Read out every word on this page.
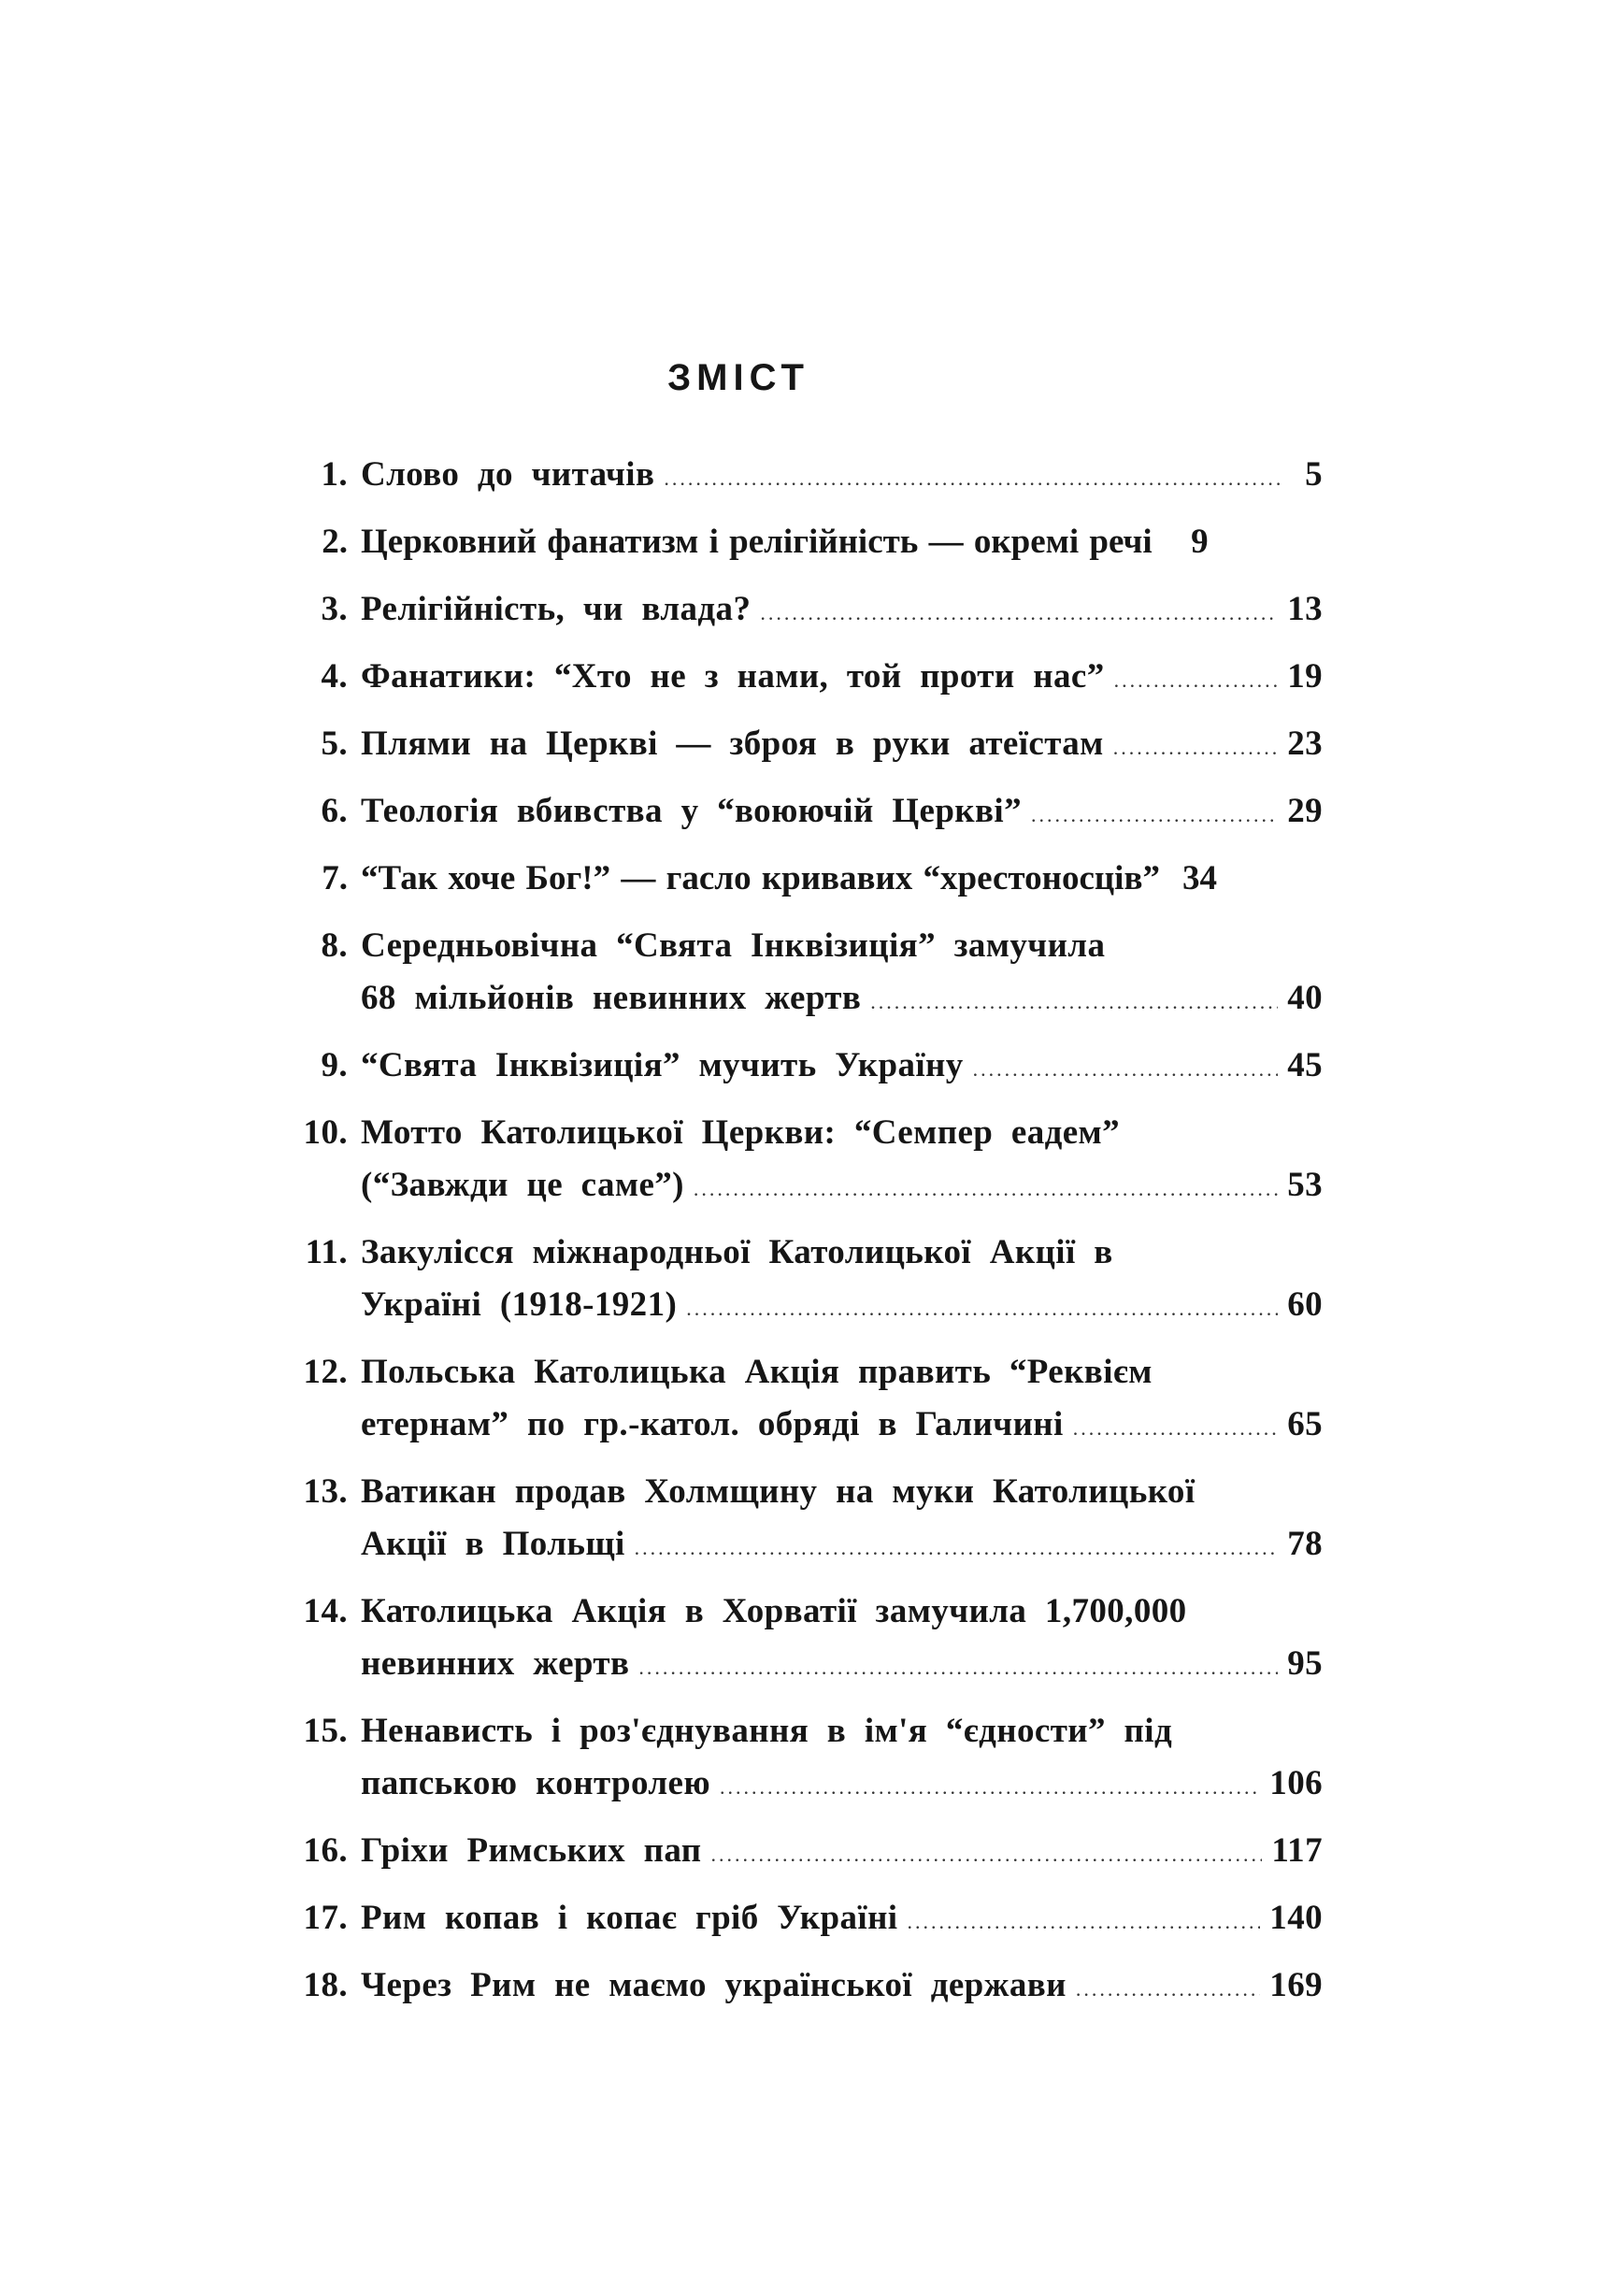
ЗМІСТ
1. Слово до читачів .....	5
2. Церковний фанатизм і релігійність — окремі речі	9
3. Релігійність, чи влада? .....	13
4. Фанатики: “Хто не з нами, той проти нас” .....	19
5. Плями на Церкві — зброя в руки атеїстам .....	23
6. Теологія вбивства у “воюючій Церкві” .....	29
7. “Так хоче Бог!” — гасло кривавих “хрестоносців” 34
8. Середньовічна “Свята Інквізиція” замучила
68 мільйонів невинних жертв .....	40
9. “Свята Інквізиція” мучить Україну .....	45
10. Мотто Католицької Церкви: “Семпер еадем”
(“Завжди це саме”) .....	53
11. Закулісся міжнародньої Католицької Акції в
Україні (1918-1921) .....	60
12. Польська Католицька Акція править “Реквієм
етернам” по гр.-катол. обряді в Галичині .....	65
13. Ватикан продав Холмщину на муки Католицької
Акції в Польщі .....	78
14. Католицька Акція в Хорватії замучила 1,700,000
невинних жертв .....	95
15. Ненависть і роз'єднування в ім'я “єдности” під
папською контролею .....	106
16. Гріхи Римських пап .....	117
17. Рим копав і копає гріб Україні .....	140
18. Через Рим не маємо української держави .....	169
